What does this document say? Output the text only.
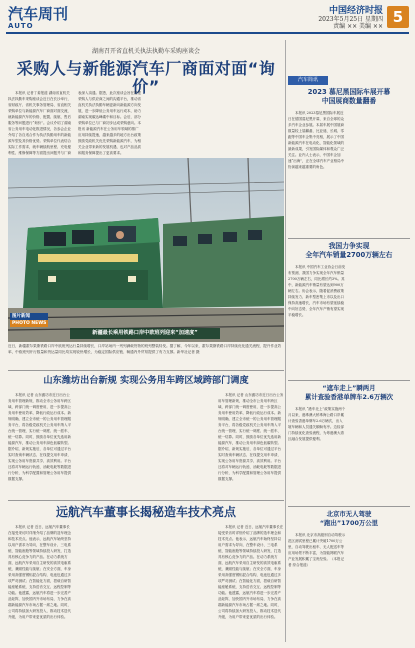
汽车周刊
AUTO
中国经济时报
2023年5月25日 星期四
责编 ×× 美编 ××
5
湖南召开省直机关执法执勤车采购座谈会
采购人与新能源汽车厂商面对面“询价”
本报讯 记者丁姜报道 湖南省直机关执法执勤车采购座谈会近日在长沙举行，省财政厅、省机关事务管理局、省直相关采购单位与新能源汽车厂商面对面交流，就新能源汽车的价格、配置、续航、售后服务等问题进行“询价”。会议介绍了湖南省公务用车电动化推进情况，各参会企业介绍了各自适合作为执法执勤用车的新能源车型及其价格优势。采购单位代表结合实际工作需求，就车辆续航里程、充电便利性、维修保障等方面提出问题并与厂商
表深入沟通。据悉，此次座谈会旨在搭建采购人与供应商之间的沟通平台，推动省直机关执法执勤车辆更新向新能源方向发展，进一步降低公务用车运行成本，助力湖南实现碳达峰碳中和目标。会后，部分采购单位已与厂商初步达成采购意向。本报讯 新能源汽车在公务用车领域的推广应用持续提速，越来越多的地方出台政策鼓励党政机关优先采购新能源汽车，为相关企业带来新的发展机遇，也对产品品质和服务保障提出了更高要求。
图片新闻
PHOTO NEWS
新疆最长乘用铁路口岸中欧班列迎来“加速度”
近日，新疆霍尔果斯铁路口岸中欧班列运行量持续增长，口岸站场内一列列满载货物的班列整装待发。据了解，今年以来，霍尔果斯铁路口岸持续优化通关流程，提升作业效率，中欧班列开行数量和货运量同比均实现较快增长，为稳定国际供应链、畅通内外贸易提供了有力支撑。新华社记者 摄
山东潍坊出台新规 实现公务用车跨区域跨部门调度
本报讯 记者 山东潍坊市近日出台公务用车管理新规，推动全市公务用车跨区域、跨部门统一调度使用，进一步提高公务用车使用效率，降低行政运行成本。新规明确，建立全市统一的公务用车管理服务平台，将各级党政机关公务用车纳入平台统一管理，实行统一调度、统一派车、统一结算。同时，鼓励各单位优先选用新能源汽车，推动公务用车绿色低碳转型。据介绍，新规实施后，各单位可通过平台实时查询车辆状态、在线提交用车申请，实现公务用车资源共享、高效利用。平台还将对车辆运行轨迹、油耗电耗等数据进行分析，为科学配置和管理公务用车提供数据支撑。
本报讯 记者 山东潍坊市近日出台公务用车管理新规，推动全市公务用车跨区域、跨部门统一调度使用，进一步提高公务用车使用效率，降低行政运行成本。新规明确，建立全市统一的公务用车管理服务平台，将各级党政机关公务用车纳入平台统一管理，实行统一调度、统一派车、统一结算。同时，鼓励各单位优先选用新能源汽车，推动公务用车绿色低碳转型。据介绍，新规实施后，各单位可通过平台实时查询车辆状态、在线提交用车申请，实现公务用车资源共享、高效利用。平台还将对车辆运行轨迹、油耗电耗等数据进行分析，为科学配置和管理公务用车提供数据支撑。
远航汽车董事长揭秘造车技术亮点
本报讯 记者 近日，远航汽车董事长在接受采访时详细介绍了品牌的造车理念和技术亮点。他表示，远航汽车始终坚持以用户需求为导向，在整车设计、三电系统、智能座舱等领域持续投入研发，打造具有核心竞争力的产品。在动力系统方面，远航汽车采用自主研发的高效电驱系统，兼顾性能与续航；在安全方面，车身采用高强度钢铝混合结构，电池包通过多项严苛测试；在智能化方面，搭载自研智能座舱系统，支持语音交互、远程控制等功能。他透露，远航汽车将进一步完善产品矩阵，加快国内外市场布局，力争在高端新能源汽车市场占据一席之地。同时，公司将持续加大研发投入，推动技术迭代升级，为用户带来更优质的出行体验。
本报讯 记者 近日，远航汽车董事长在接受采访时详细介绍了品牌的造车理念和技术亮点。他表示，远航汽车始终坚持以用户需求为导向，在整车设计、三电系统、智能座舱等领域持续投入研发，打造具有核心竞争力的产品。在动力系统方面，远航汽车采用自主研发的高效电驱系统，兼顾性能与续航；在安全方面，车身采用高强度钢铝混合结构，电池包通过多项严苛测试；在智能化方面，搭载自研智能座舱系统，支持语音交互、远程控制等功能。他透露，远航汽车将进一步完善产品矩阵，加快国内外市场布局，力争在高端新能源汽车市场占据一席之地。同时，公司将持续加大研发投入，推动技术迭代升级，为用户带来更优质的出行体验。
汽车简讯
2023 慕尼黑国际车展开幕
中国展商数量翻番
本报讯 2023慕尼黑国际车展近日在德国慕尼黑开幕，来自全球的众多汽车企业参展。本届车展中国展商数量较上届翻番，比亚迪、长城、零跑等中国车企集中亮相，展示了中国新能源汽车在电动化、智能化领域的最新成果，引发国际媒体和观众广泛关注。业内人士表示，中国车企加速“出海”，正在全球汽车产业格局中扮演越来越重要的角色。
我国力争实现
全年汽车销量2700万辆左右
本报讯 中国汽车工业协会日前发布预测，我国力争实现全年汽车销量2700万辆左右，同比增长约3%。其中，新能源汽车销量有望达到900万辆左右。协会表示，随着促消费政策持续发力、新车型密集上市以及出口保持高速增长，汽车市场有望延续稳中向好态势，全年汽车产销有望实现平稳增长。
“遮车走上”瞬两月
累计查验香港单牌车2.6万辆次
本报讯 “港车北上”政策实施两个月以来，港珠澳大桥珠海公路口岸累计查验香港单牌车2.6万辆次，出入境车辆和人员通关顺畅有序。边检部门持续优化查验流程，为粤港澳大湾区融合发展提供便利。
北京市无人驾驶
“跑出”1700万公里
本报讯 北京市高级别自动驾驶示范区测试里程已累计突破1700万公里，自动驾驶出租车、无人配送车等应用场景不断丰富，为智能网联汽车产业发展积累了宝贵经验。（本报记者 综合报道）
